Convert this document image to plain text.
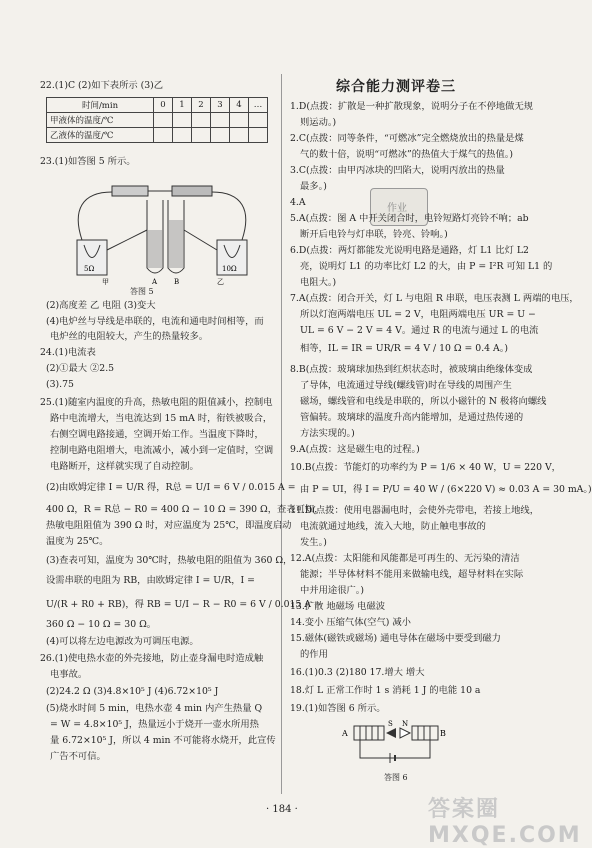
22.(1)C (2)如下表所示 (3)乙
时间/min	0	1	2	3	4	…
甲液体的温度/℃						
乙液体的温度/℃						
23.(1)如答图 5 所示。
5Ω	10Ω
甲	A B	乙
答图 5
(2)高度差 乙 电阻 (3)变大
(4)电炉丝与导线是串联的，电流和通电时间相等，而
电炉丝的电阻较大，产生的热量较多。
24.(1)电流表
(2)①最大 ②2.5
(3).75
25.(1)随室内温度的升高，热敏电阻的阻值减小，控制电
路中电流增大，当电流达到 15 mA 时，衔铁被吸合，
右侧空调电路接通，空调开始工作。当温度下降时，
控制电路电阻增大，电流减小，减小到一定值时，空调
电路断开，这样就实现了自动控制。
(2)由欧姆定律 I = U/R 得，R总 = U/I = 6 V / 0.015 A =
400 Ω，R = R总 − R0 = 400 Ω − 10 Ω = 390 Ω，查表可知，
热敏电阻阻值为 390 Ω 时，对应温度为 25℃，即温度启动
温度为 25℃。
(3)查表可知，温度为 30℃时，热敏电阻的阻值为 360 Ω，
设需串联的电阻为 RB，由欧姆定律 I = U/R，I =
U/(R + R0 + RB)，得 RB = U/I − R − R0 = 6 V / 0.015 A −
360 Ω − 10 Ω = 30 Ω。
(4)可以将左边电源改为可调压电源。
26.(1)使电热水壶的外壳接地，防止壶身漏电时造成触
电事故。
(2)24.2 Ω (3)4.8×10⁵ J (4)6.72×10⁵ J
(5)烧水时间 5 min，电热水壶 4 min 内产生热量 Q
= W = 4.8×10⁵ J，热量远小于烧开一壶水所用热
量 6.72×10⁵ J，所以 4 min 不可能将水烧开，此宣传
广告不可信。
综合能力测评卷三
1.D(点拨：扩散是一种扩散现象，说明分子在不停地做无规
则运动。)
2.C(点拨：同等条件，“可燃冰”完全燃烧放出的热量是煤
气的数十倍，说明“可燃冰”的热值大于煤气的热值。)
3.C(点拨：由甲丙冰块的凹陷大，说明丙放出的热量
最多。)
作业
4.A
5.A(点拨：图 A 中开关闭合时，电铃短路灯亮铃不响；ab
断开后电铃与灯串联，铃亮、铃响。)
6.D(点拨：两灯都能发光说明电路是通路，灯 L1 比灯 L2
亮，说明灯 L1 的功率比灯 L2 的大，由 P = I²R 可知 L1 的
电阻大。)
7.A(点拨：闭合开关，灯 L 与电阻 R 串联，电压表测 L 两端的电压，
所以灯泡两端电压 UL = 2 V，电阻两端电压 UR = U −
UL = 6 V − 2 V = 4 V。通过 R 的电流与通过 L 的电流
相等，IL = IR = UR/R = 4 V / 10 Ω = 0.4 A。)
8.B(点拨：玻璃球加热到红炽状态时，被玻璃由绝缘体变成
了导体，电流通过导线(螺线管)时在导线的周围产生
磁场，螺线管和电线是串联的，所以小磁针的 N 极将向螺线
管偏转。玻璃球的温度升高内能增加，是通过热传递的
方法实现的。)
9.A(点拨：这是磁生电的过程。)
10.B(点拨：节能灯的功率约为 P = 1/6 × 40 W，U = 220 V，
由 P = UI，得 I = P/U = 40 W / (6×220 V) ≈ 0.03 A = 30 mA。)
11.D(点拨：使用电器漏电时，会使外壳带电，若接上地线，
电流就通过地线，流入大地，防止触电事故的
发生。)
12.A(点拨：太阳能和风能都是可再生的、无污染的清洁
能源；半导体材料不能用来做输电线，超导材料在实际
中并用途很广。)
13.扩散 地磁场 电磁波
14.变小 压缩气体(空气) 减小
15.磁体(磁铁或磁场) 通电导体在磁场中要受到磁力
的作用
16.(1)0.3 (2)180 17.增大 增大
18.灯 L 正常工作时 1 s 消耗 1 J 的电能 10 a
19.(1)如答图 6 所示。
A
S N
B
答图 6
· 184 ·	答案圈 MXQE.COM
